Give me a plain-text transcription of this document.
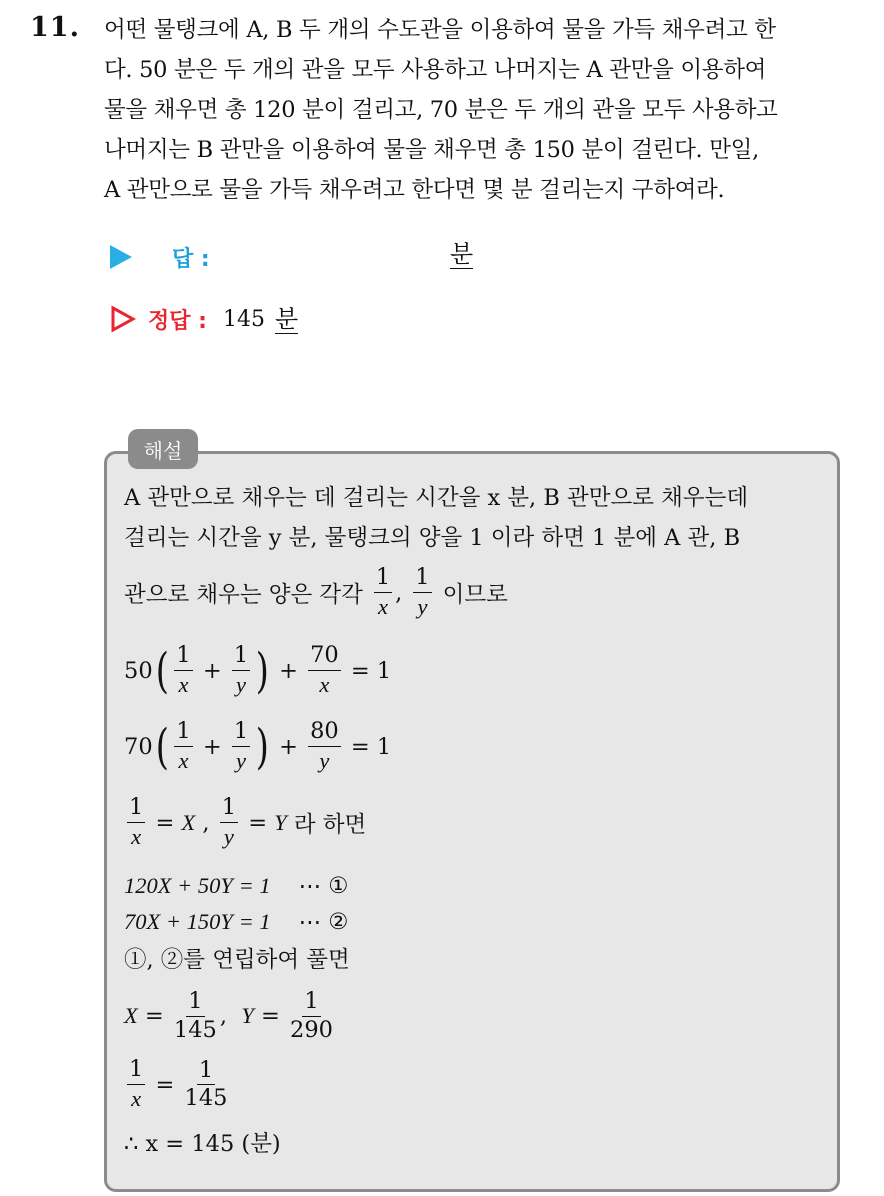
11. 어떤 물탱크에 A, B 두 개의 수도관을 이용하여 물을 가득 채우려고 한
다. 50 분은 두 개의 관을 모두 사용하고 나머지는 A 관만을 이용하여
물을 채우면 총 120 분이 걸리고, 70 분은 두 개의 관을 모두 사용하고
나머지는 B 관만을 이용하여 물을 채우면 총 150 분이 걸린다. 만일,
A 관만으로 물을 가득 채우려고 한다면 몇 분 걸리는지 구하여라.
답 :	분
정답 : 145 분
해설
A 관만으로 채우는 데 걸리는 시간을 x 분, B 관만으로 채우는데
걸리는 시간을 y 분, 물탱크의 양을 1 이라 하면 1 분에 A 관, B
관으로 채우는 양은 각각 $\frac{1}{x}$ , $\frac{1}{y}$ 이므로
50 ( $\frac{1}{x} + \frac{1}{y}$ ) + $\frac{70}{x} = 1$
70 ( $\frac{1}{x} + \frac{1}{y}$ ) + $\frac{80}{y} = 1$
$\frac{1}{x} = X$ , $\frac{1}{y} = Y$ 라 하면
120X + 50Y = 1 ⋯ ①
70X + 150Y = 1 ⋯ ②
①, ②를 연립하여 풀면
$X = \frac{1}{145}$ ,  $Y = \frac{1}{290}$
$\frac{1}{x} = \frac{1}{145}$
∴ x = 145 (분)
